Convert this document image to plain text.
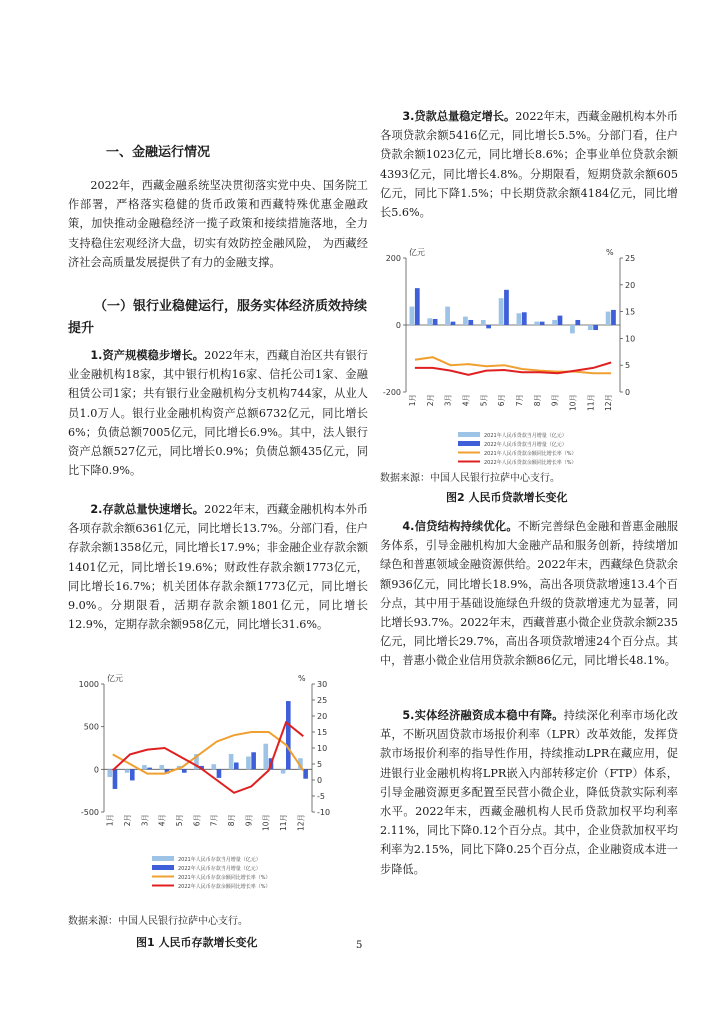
一、金融运行情况

2022年，西藏金融系统坚决贯彻落实党中央、国务院工作部署，严格落实稳健的货币政策和西藏特殊优惠金融政策，加快推动金融稳经济一揽子政策和接续措施落地，全力支持稳住宏观经济大盘，切实有效防控金融风险， 为西藏经济社会高质量发展提供了有力的金融支撑。

（一）银行业稳健运行，服务实体经济质效持续提升

1.资产规模稳步增长。2022年末，西藏自治区共有银行业金融机构18家，其中银行机构16家、信托公司1家、金融租赁公司1家；共有银行业金融机构分支机构744家，从业人员1.0万人。银行业金融机构资产总额6732亿元，同比增长6%；负债总额7005亿元，同比增长6.9%。其中，法人银行资产总额527亿元，同比增长0.9%；负债总额435亿元，同比下降0.9%。

2.存款总量快速增长。2022年末，西藏金融机构本外币各项存款余额6361亿元，同比增长13.7%。分部门看，住户存款余额1358亿元，同比增长17.9%；非金融企业存款余额1401亿元，同比增长19.6%；财政性存款余额1773亿元，同比增长16.7%；机关团体存款余额1773亿元，同比增长9.0%。分期限看，活期存款余额1801亿元，同比增长12.9%，定期存款余额958亿元，同比增长31.6%。

亿元	%
1000
500
0
-500
30
25
20
15
10
5
0
-5
-10
1月 2月 3月 4月 5月 6月 7月 8月 9月 10月 11月 12月
2021年人民币存款当月增量（亿元）
2022年人民币存款当月增量（亿元）
2021年人民币存款余额同比增长率（%）
2022年人民币存款余额同比增长率（%）
数据来源：中国人民银行拉萨中心支行。
图1 人民币存款增长变化

3.贷款总量稳定增长。2022年末，西藏金融机构本外币各项贷款余额5416亿元，同比增长5.5%。分部门看，住户贷款余额1023亿元，同比增长8.6%；企事业单位贷款余额4393亿元，同比增长4.8%。分期限看，短期贷款余额605亿元，同比下降1.5%；中长期贷款余额4184亿元，同比增长5.6%。

亿元	%
200
0
-200
25
20
15
10
5
0
1月 2月 3月 4月 5月 6月 7月 8月 9月 10月 11月 12月
2021年人民币贷款当月增量（亿元）
2022年人民币贷款当月增量（亿元）
2021年人民币贷款余额同比增长率（%）
2022年人民币贷款余额同比增长率（%）
数据来源：中国人民银行拉萨中心支行。
图2 人民币贷款增长变化

4.信贷结构持续优化。不断完善绿色金融和普惠金融服务体系，引导金融机构加大金融产品和服务创新，持续增加绿色和普惠领域金融资源供给。2022年末，西藏绿色贷款余额936亿元，同比增长18.9%，高出各项贷款增速13.4个百分点，其中用于基础设施绿色升级的贷款增速尤为显著，同比增长93.7%。2022年末，西藏普惠小微企业贷款余额235亿元，同比增长29.7%，高出各项贷款增速24个百分点。其中，普惠小微企业信用贷款余额86亿元，同比增长48.1%。

5.实体经济融资成本稳中有降。持续深化利率市场化改革，不断巩固贷款市场报价利率（LPR）改革效能，发挥贷款市场报价利率的指导性作用，持续推动LPR在藏应用，促进银行业金融机构将LPR嵌入内部转移定价（FTP）体系，引导金融资源更多配置至民营小微企业，降低贷款实际利率水平。2022年末，西藏金融机构人民币贷款加权平均利率2.11%，同比下降0.12个百分点。其中，企业贷款加权平均利率为2.15%，同比下降0.25个百分点，企业融资成本进一步降低。

5
